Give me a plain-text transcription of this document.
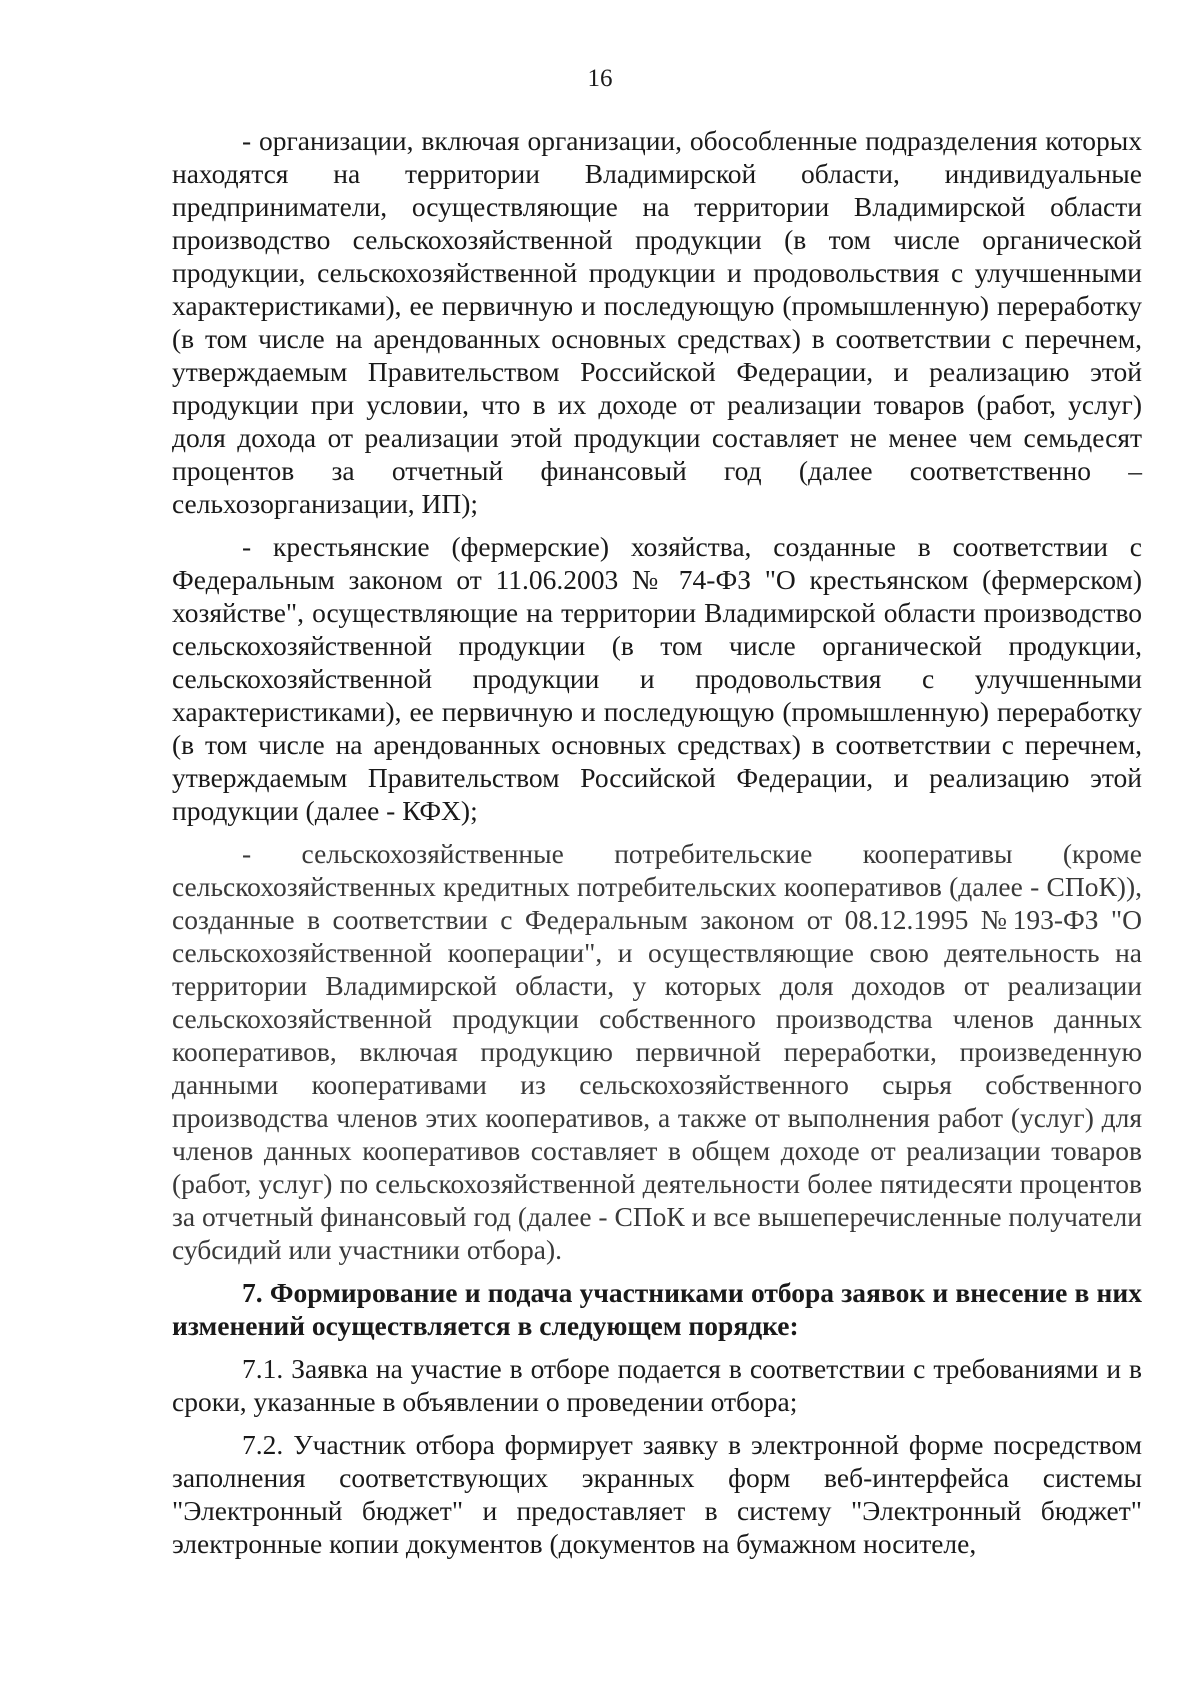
16

- организации, включая организации, обособленные подразделения которых находятся на территории Владимирской области, индивидуальные предприниматели, осуществляющие на территории Владимирской области производство сельскохозяйственной продукции (в том числе органической продукции, сельскохозяйственной продукции и продовольствия с улучшенными характеристиками), ее первичную и последующую (промышленную) переработку (в том числе на арендованных основных средствах) в соответствии с перечнем, утверждаемым Правительством Российской Федерации, и реализацию этой продукции при условии, что в их доходе от реализации товаров (работ, услуг) доля дохода от реализации этой продукции составляет не менее чем семьдесят процентов за отчетный финансовый год (далее соответственно – сельхозорганизации, ИП);

- крестьянские (фермерские) хозяйства, созданные в соответствии с Федеральным законом от 11.06.2003 № 74-ФЗ "О крестьянском (фермерском) хозяйстве", осуществляющие на территории Владимирской области производство сельскохозяйственной продукции (в том числе органической продукции, сельскохозяйственной продукции и продовольствия с улучшенными характеристиками), ее первичную и последующую (промышленную) переработку (в том числе на арендованных основных средствах) в соответствии с перечнем, утверждаемым Правительством Российской Федерации, и реализацию этой продукции (далее - КФХ);

- сельскохозяйственные потребительские кооперативы (кроме сельскохозяйственных кредитных потребительских кооперативов (далее - СПоК)), созданные в соответствии с Федеральным законом от 08.12.1995 №193-ФЗ "О сельскохозяйственной кооперации", и осуществляющие свою деятельность на территории Владимирской области, у которых доля доходов от реализации сельскохозяйственной продукции собственного производства членов данных кооперативов, включая продукцию первичной переработки, произведенную данными кооперативами из сельскохозяйственного сырья собственного производства членов этих кооперативов, а также от выполнения работ (услуг) для членов данных кооперативов составляет в общем доходе от реализации товаров (работ, услуг) по сельскохозяйственной деятельности более пятидесяти процентов за отчетный финансовый год (далее - СПоК и все вышеперечисленные получатели субсидий или участники отбора).

7. Формирование и подача участниками отбора заявок и внесение в них изменений осуществляется в следующем порядке:

7.1. Заявка на участие в отборе подается в соответствии с требованиями и в сроки, указанные в объявлении о проведении отбора;

7.2. Участник отбора формирует заявку в электронной форме посредством заполнения соответствующих экранных форм веб-интерфейса системы "Электронный бюджет" и предоставляет в систему "Электронный бюджет" электронные копии документов (документов на бумажном носителе,
